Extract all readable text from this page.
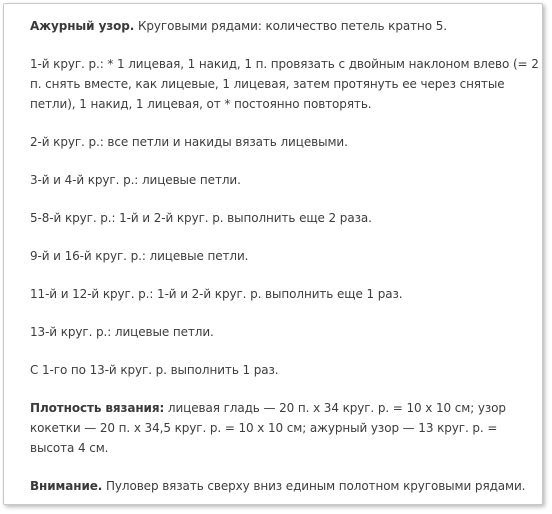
Ажурный узор. Круговыми рядами: количество петель кратно 5.

1-й круг. р.: * 1 лицевая, 1 накид, 1 п. провязать с двойным наклоном влево (= 2 п. снять вместе, как лицевые, 1 лицевая, затем протянуть ее через снятые петли), 1 накид, 1 лицевая, от * постоянно повторять.

2-й круг. р.: все петли и накиды вязать лицевыми.

3-й и 4-й круг. р.: лицевые петли.

5-8-й круг. р.: 1-й и 2-й круг. р. выполнить еще 2 раза.

9-й и 16-й круг. р.: лицевые петли.

11-й и 12-й круг. р.: 1-й и 2-й круг. р. выполнить еще 1 раз.

13-й круг. р.: лицевые петли.

С 1-го по 13-й круг. р. выполнить 1 раз.

Плотность вязания: лицевая гладь — 20 п. х 34 круг. р. = 10 х 10 см; узор кокетки — 20 п. х 34,5 круг. р. = 10 х 10 см; ажурный узор — 13 круг. р. = высота 4 см.

Внимание. Пуловер вязать сверху вниз единым полотном круговыми рядами.
